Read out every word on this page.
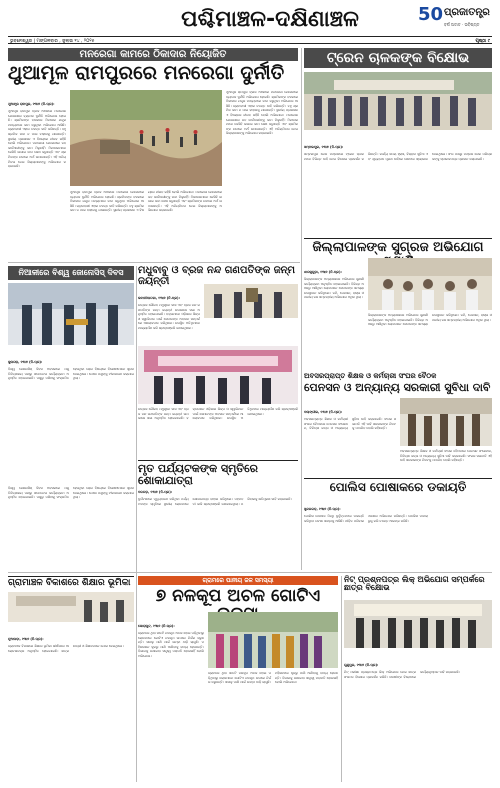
ପଶ୍ଚିମାଞ୍ଚଳ-ଦକ୍ଷିଣାଞ୍ଚଳ	50 ପ୍ରଜାତନ୍ତ୍ର
ବର୍ଷ ଅତୀତ · ଭବିଷ୍ୟତ
ଭୁବନେଶ୍ୱର | ମଙ୍ଗଳବାର , ଜୁଲାଇ ୧୪ , ୨୦୨୫	ପୃଷ୍ଠା ୯
ମନରେଗା କାମରେ ଠିକାଦାର ନିୟୋଜିତ
ଥୁଆମୂଳ ରାମପୁରରେ ମନରେଗା ଦୁର୍ନୀତି
ଥୁଆମୂଳ ରାମପୁର, ୧୩ା୭ (ନି.ପ୍ର):
ଥୁଆମୂଳ ରାମପୁର ବ୍ଲକ ଅଞ୍ଚଳରେ ମନରେଗା ଯୋଜନାରେ ବ୍ୟାପକ ଦୁର୍ନୀତି ଅଭିଯୋଗ ହୋଇଛି। ଶ୍ରମିକଙ୍କ ବଦଳରେ ଠିକାଦାର ଯନ୍ତ୍ର ମାଧ୍ୟମରେ କାମ କରୁଥିବା ଅଭିଯୋଗ ଆସିଛି। ଗ୍ରାମବାସୀ ଏହାର ତଦନ୍ତ ଦାବି କରିଛନ୍ତି। ବହୁ ଶ୍ରମିକ କାମ ନ ପାଇ ବାହାରକୁ ଯାଉଛନ୍ତି। ସ୍ଥାନୀୟ ପ୍ରଶାସନ ଏ ବିଷୟରେ ନୀରବ ରହିଛି ବୋଲି ଅଭିଯୋଗ। ମନରେଗା ଯୋଜନାରେ ଜବ କାର୍ଡଧାରୀଙ୍କୁ କାମ ମିଳୁନାହିଁ। ଠିକାଦାରମାନେ ଜେସିବି ଲଗାଇ କାମ ଶେଷ କରୁଛନ୍ତି ଏବଂ ଶ୍ରମିକଙ୍କ ନାମରେ ଅର୍ଥ ଉଠାଉଛନ୍ତି। ଏହି ଅନିୟମିତତା ନେଇ ଜିଲ୍ଲାପାଳଙ୍କୁ ଅଭିଯୋଗ କରାଯାଇଛି।
ଥୁଆମୂଳ ରାମପୁର ବ୍ଲକ ଅଞ୍ଚଳରେ ମନରେଗା ଯୋଜନାରେ ବ୍ୟାପକ ଦୁର୍ନୀତି ଅଭିଯୋଗ ହୋଇଛି। ଶ୍ରମିକଙ୍କ ବଦଳରେ ଠିକାଦାର ଯନ୍ତ୍ର ମାଧ୍ୟମରେ କାମ କରୁଥିବା ଅଭିଯୋଗ ଆସିଛି। ଗ୍ରାମବାସୀ ଏହାର ତଦନ୍ତ ଦାବି କରିଛନ୍ତି। ବହୁ ଶ୍ରମିକ କାମ ନ ପାଇ ବାହାରକୁ ଯାଉଛନ୍ତି। ସ୍ଥାନୀୟ ପ୍ରଶାସନ ଏ ବିଷୟରେ ନୀରବ ରହିଛି ବୋଲି ଅଭିଯୋଗ। ମନରେଗା ଯୋଜନାରେ ଜବ କାର୍ଡଧାରୀଙ୍କୁ କାମ ମିଳୁନାହିଁ। ଠିକାଦାରମାନେ ଜେସିବି ଲଗାଇ କାମ ଶେଷ କରୁଛନ୍ତି ଏବଂ ଶ୍ରମିକଙ୍କ ନାମରେ ଅର୍ଥ ଉଠାଉଛନ୍ତି। ଏହି ଅନିୟମିତତା ନେଇ ଜିଲ୍ଲାପାଳଙ୍କୁ ଅଭିଯୋଗ କରାଯାଇଛି।
ଥୁଆମୂଳ ରାମପୁର ବ୍ଲକ ଅଞ୍ଚଳରେ ମନରେଗା ଯୋଜନାରେ ବ୍ୟାପକ ଦୁର୍ନୀତି ଅଭିଯୋଗ ହୋଇଛି। ଶ୍ରମିକଙ୍କ ବଦଳରେ ଠିକାଦାର ଯନ୍ତ୍ର ମାଧ୍ୟମରେ କାମ କରୁଥିବା ଅଭିଯୋଗ ଆସିଛି। ଗ୍ରାମବାସୀ ଏହାର ତଦନ୍ତ ଦାବି କରିଛନ୍ତି। ବହୁ ଶ୍ରମିକ କାମ ନ ପାଇ ବାହାରକୁ ଯାଉଛନ୍ତି। ସ୍ଥାନୀୟ ପ୍ରଶାସନ ଏ ବିଷୟରେ ନୀରବ ରହିଛି ବୋଲି ଅଭିଯୋଗ। ମନରେଗା ଯୋଜନାରେ ଜବ କାର୍ଡଧାରୀଙ୍କୁ କାମ ମିଳୁନାହିଁ। ଠିକାଦାରମାନେ ଜେସିବି ଲଗାଇ କାମ ଶେଷ କରୁଛନ୍ତି ଏବଂ ଶ୍ରମିକଙ୍କ ନାମରେ ଅର୍ଥ ଉଠାଉଛନ୍ତି। ଏହି ଅନିୟମିତତା ନେଇ ଜିଲ୍ଲାପାଳଙ୍କୁ ଅଭିଯୋଗ କରାଯାଇଛି।
ଟ୍ରେନ ଚାଳକଙ୍କ ବିକ୍ଷୋଭ
ସମ୍ବଲପୁର, ୧୩ା୭ (ନି.ପ୍ର):
ସମ୍ବଲପୁର ରେଳ ମଣ୍ଡଳରେ ଟ୍ରେନ ଚାଳକମାନେ ବିଭିନ୍ନ ଦାବି ନେଇ ବିକ୍ଷୋଭ ପ୍ରଦର୍ଶନ କରିଛନ୍ତି। କାର୍ଯ୍ୟ ସମୟ ହ୍ରାସ, ବିଶ୍ରାମ ସୁବିଧା ଏବଂ ଶୂନ୍ୟପଦ ପୂରଣ ଦାବିରେ ସେମାନେ ସ୍ଲୋଗାନ ଦେଇଥିଲେ। ସଂଘ ପକ୍ଷରୁ ମଣ୍ଡଳ ରେଳ ପରିଚାଳକଙ୍କୁ ସ୍ମାରକପତ୍ର ପ୍ରଦାନ କରାଯାଇଛି।
ଜିଲ୍ଲାପାଳଙ୍କ ସୁଗ୍ରଜ ଅଭିଯୋଗ
ଝାରସୁଗୁଡ଼ା, ୧୩ା୭ (ନି.ପ୍ର):
ଜିଲ୍ଲାପାଳଙ୍କ ଅଧ୍ୟକ୍ଷତାରେ ଅଭିଯୋଗ ଶୁଣାଣି କାର୍ଯ୍ୟକ୍ରମ ଅନୁଷ୍ଠିତ ହୋଇଯାଇଛି। ବିଭିନ୍ନ ଅଞ୍ଚଳରୁ ଆସିଥିବା ଲୋକମାନେ ସେମାନଙ୍କ ସମସ୍ୟା ଉପସ୍ଥାପନ କରିଥିଲେ। ଜମି, ପେନସନ, ରାସ୍ତା ଓ ପାନୀୟ ଜଳ ସମ୍ବନ୍ଧୀୟ ଅଭିଯୋଗ ଅଧିକ ଥିଲା।
ଜିଲ୍ଲାପାଳଙ୍କ ଅଧ୍ୟକ୍ଷତାରେ ଅଭିଯୋଗ ଶୁଣାଣି କାର୍ଯ୍ୟକ୍ରମ ଅନୁଷ୍ଠିତ ହୋଇଯାଇଛି। ବିଭିନ୍ନ ଅଞ୍ଚଳରୁ ଆସିଥିବା ଲୋକମାନେ ସେମାନଙ୍କ ସମସ୍ୟା ଉପସ୍ଥାପନ କରିଥିଲେ। ଜମି, ପେନସନ, ରାସ୍ତା ଓ ପାନୀୟ ଜଳ ସମ୍ବନ୍ଧୀୟ ଅଭିଯୋଗ ଅଧିକ ଥିଲା।
ନିଆଳୀରେ ବିଶ୍ୱ ଜୋନୋସିସ୍ ଦିବସ
ଜୁନାଗଡ଼, ୧୩ା୭ (ନି.ପ୍ର):
ବିଶ୍ୱ ଜୋନୋସିସ୍ ଦିବସ ଅବସରରେ ପଶୁ ଚିକିତ୍ସାଳୟ ପକ୍ଷରୁ ସଚେତନତା କାର୍ଯ୍ୟକ୍ରମ ଅନୁଷ୍ଠିତ ହୋଇଯାଇଛି। ପଶୁରୁ ମଣିଷକୁ ସଂକ୍ରମିତ ହେଉଥିବା ରୋଗ ବିଷୟରେ ବିଶେଷଜ୍ଞମାନେ ସୂଚନା ଦେଇଥିଲେ। ପୋଷା ପଶୁଙ୍କୁ ଟୀକାକରଣ କରାଯାଇଥିଲା।
ମଧୁବାବୁ ଓ ବ୍ରଜ ନନ୍ଦ ଗଣପତିଙ୍କ ଜନ୍ମ ଜୟନ୍ତୀ
ଭବାନୀପାଟଣା, ୧୩ା୭ (ନି.ପ୍ର):
ଉତ୍କଳ ଗୌରବ ମଧୁସୂଦନ ଦାସ ଏବଂ ବ୍ରଜ ନନ୍ଦ ଗଣପତିଙ୍କ ଜନ୍ମ ଜୟନ୍ତୀ ଉପଲକ୍ଷେ ସଭା ଅନୁଷ୍ଠିତ ହୋଇଯାଇଛି। ବକ୍ତାମାନେ ଓଡ଼ିଶାର ଶିଳ୍ପ ଓ ସ୍ୱାଭିମାନ ପାଇଁ ସେମାନଙ୍କ ଅବଦାନ ସମ୍ପର୍କରେ ଆଲୋକପାତ କରିଥିଲେ। ଉପସ୍ଥିତ ଅତିଥିମାନେ ମାଲ୍ୟାର୍ପଣ କରି ଶ୍ରଦ୍ଧାଞ୍ଜଳି ଜଣାଇଥିଲେ।
ଉତ୍କଳ ଗୌରବ ମଧୁସୂଦନ ଦାସ ଏବଂ ବ୍ରଜ ନନ୍ଦ ଗଣପତିଙ୍କ ଜନ୍ମ ଜୟନ୍ତୀ ଉପଲକ୍ଷେ ସଭା ଅନୁଷ୍ଠିତ ହୋଇଯାଇଛି। ବକ୍ତାମାନେ ଓଡ଼ିଶାର ଶିଳ୍ପ ଓ ସ୍ୱାଭିମାନ ପାଇଁ ସେମାନଙ୍କ ଅବଦାନ ସମ୍ପର୍କରେ ଆଲୋକପାତ କରିଥିଲେ। ଉପସ୍ଥିତ ଅତିଥିମାନେ ମାଲ୍ୟାର୍ପଣ କରି ଶ୍ରଦ୍ଧାଞ୍ଜଳି ଜଣାଇଥିଲେ।
ଅବସରପ୍ରାପ୍ତ ଶିକ୍ଷକ ଓ କର୍ମଚାରୀ ସଂଘର ବୈଠକ
ପେନସନ ଓ ଅନ୍ୟାନ୍ୟ ସରକାରୀ ସୁବିଧା ଦାବି
ବଲାଙ୍ଗୀର, ୧୩ା୭ (ନି.ପ୍ର):
ଅବସରପ୍ରାପ୍ତ ଶିକ୍ଷକ ଓ କର୍ମଚାରୀ ସଂଘର ବୈଠକରେ ପେନସନ ସଂଶୋଧନ, ଚିକିତ୍ସା ଭତ୍ତା ଓ ଅନ୍ୟାନ୍ୟ ସୁବିଧା ଦାବି କରାଯାଇଛି। ସଂଘର ସଭାପତି ଏହି ଦାବି ସରକାରଙ୍କ ନିକଟକୁ ପଠାଯିବ ବୋଲି କହିଛନ୍ତି।
ଅବସରପ୍ରାପ୍ତ ଶିକ୍ଷକ ଓ କର୍ମଚାରୀ ସଂଘର ବୈଠକରେ ପେନସନ ସଂଶୋଧନ, ଚିକିତ୍ସା ଭତ୍ତା ଓ ଅନ୍ୟାନ୍ୟ ସୁବିଧା ଦାବି କରାଯାଇଛି। ସଂଘର ସଭାପତି ଏହି ଦାବି ସରକାରଙ୍କ ନିକଟକୁ ପଠାଯିବ ବୋଲି କହିଛନ୍ତି।
ମୃତ ପର୍ଯ୍ୟଟକଙ୍କ ସ୍ମୃତିରେ ଶୋକାଯାତ୍ରା
ବରଗଡ଼, ୧୩ା୭ (ନି.ପ୍ର):
ଦୁର୍ଘଟଣାରେ ମୃତ୍ୟୁବରଣ କରିଥିବା ପର୍ଯ୍ୟଟକଙ୍କ ସ୍ମୃତିରେ ସ୍ଥାନୀୟ ଲୋକମାନେ ଶୋକାଯାତ୍ରା ବାହାର କରିଥିଲେ। ମହମବତୀ ଜାଳି ଶ୍ରଦ୍ଧାଞ୍ଜଳି ଜଣାଯାଇଥିଲା। ପରିବାରକୁ କ୍ଷତିପୂରଣ ଦାବି କରାଯାଇଛି।
ବିଶ୍ୱ ଜୋନୋସିସ୍ ଦିବସ ଅବସରରେ ପଶୁ ଚିକିତ୍ସାଳୟ ପକ୍ଷରୁ ସଚେତନତା କାର୍ଯ୍ୟକ୍ରମ ଅନୁଷ୍ଠିତ ହୋଇଯାଇଛି। ପଶୁରୁ ମଣିଷକୁ ସଂକ୍ରମିତ ହେଉଥିବା ରୋଗ ବିଷୟରେ ବିଶେଷଜ୍ଞମାନେ ସୂଚନା ଦେଇଥିଲେ। ପୋଷା ପଶୁଙ୍କୁ ଟୀକାକରଣ କରାଯାଇଥିଲା।
ପୋଲିସ ପୋଷାକରେ ଡକାୟତି
ସୁନ୍ଦରଗଡ଼, ୧୩ା୭ (ନି.ପ୍ର):
ପୋଲିସ ପୋଷାକ ପିନ୍ଧି ଦୁର୍ବୃତ୍ତମାନେ ଡକାୟତି କରିଥିବା ଘଟଣା ସାମ୍ନାକୁ ଆସିଛି। ପୀଡ଼ିତ ପରିବାର ଥାନାରେ ଅଭିଯୋଗ କରିଛନ୍ତି। ପୋଲିସ ମାମଲା ରୁଜୁ କରି ତଦନ୍ତ ଆରମ୍ଭ କରିଛି।
ଗ୍ରାମରେ ପାନୀୟ ଜଳ ସମସ୍ୟା
୭ ନଳକୂପ ଅଚଳ ଗୋଟିଏ
କୋରାପୁଟ, ୧୩ା୭ (ନି.ପ୍ର):
ଗ୍ରାମରେ ଥିବା ସାତଟି ନଳକୂପ ଅଚଳ ହୋଇ ପଡ଼ିଥିବାରୁ ଲୋକମାନେ ଗୋଟିଏ ନଳକୂପ ଉପରେ ନିର୍ଭର କରୁଛନ୍ତି। ସକାଳୁ ପାଣି ପାଇଁ ଲମ୍ବା ଧାଡ଼ି ଲାଗୁଛି। ମହିଳାମାନେ ଦୂରରୁ ପାଣି ଆଣିବାକୁ ବାଧ୍ୟ ହେଉଛନ୍ତି। ବିଭାଗକୁ ଜଣାଇବା ସତ୍ତ୍ୱେ ମରାମତି ହୋଇନାହିଁ ବୋଲି ଅଭିଯୋଗ।
ଗ୍ରାମରେ ଥିବା ସାତଟି ନଳକୂପ ଅଚଳ ହୋଇ ପଡ଼ିଥିବାରୁ ଲୋକମାନେ ଗୋଟିଏ ନଳକୂପ ଉପରେ ନିର୍ଭର କରୁଛନ୍ତି। ସକାଳୁ ପାଣି ପାଇଁ ଲମ୍ବା ଧାଡ଼ି ଲାଗୁଛି। ମହିଳାମାନେ ଦୂରରୁ ପାଣି ଆଣିବାକୁ ବାଧ୍ୟ ହେଉଛନ୍ତି। ବିଭାଗକୁ ଜଣାଇବା ସତ୍ତ୍ୱେ ମରାମତି ହୋଇନାହିଁ ବୋଲି ଅଭିଯୋଗ।
ଗ୍ରାମାଞ୍ଚଳ ବିକାଶରେ ଶିକ୍ଷାର ଭୂମିକା
ନୂଆପଡ଼ା, ୧୩ା୭ (ନି.ପ୍ର):
ଗ୍ରାମାଞ୍ଚଳ ବିକାଶରେ ଶିକ୍ଷାର ଭୂମିକା ଶୀର୍ଷକରେ ଆଲୋଚନାଚକ୍ର ଅନୁଷ୍ଠିତ ହୋଇଯାଇଛି। ଛାତ୍ରଛାତ୍ରୀ ଓ ଶିକ୍ଷକମାନେ ଯୋଗ ଦେଇଥିଲେ।
ନିଟ୍ ପ୍ରଶ୍ନପତ୍ର ଲିକ୍ ଅଭିଯୋଗ ସମ୍ପର୍କରେ ଛାତ୍ର ବିକ୍ଷୋଭ
ଗୁଣୁପୁର, ୧୩ା୭ (ନି.ପ୍ର):
ନିଟ୍ ପରୀକ୍ଷା ପ୍ରଶ୍ନପତ୍ର ଲିକ୍ ଅଭିଯୋଗ ନେଇ ଛାତ୍ର ସଂଗଠନ ବିକ୍ଷୋଭ ପ୍ରଦର୍ଶନ କରିଛି। ଦୋଷୀଙ୍କ ବିରୋଧରେ କାର୍ଯ୍ୟାନୁଷ୍ଠାନ ଦାବି କରାଯାଇଛି।
